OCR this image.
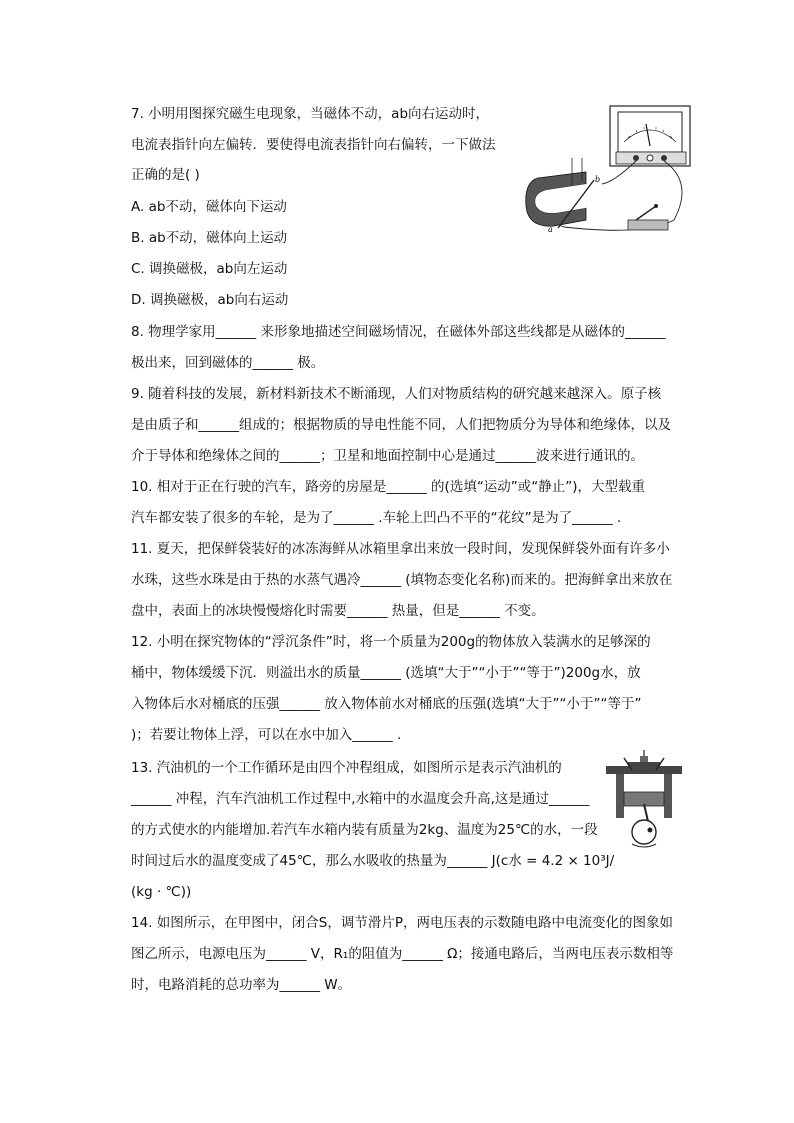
7. 小明用图探究磁生电现象，当磁体不动，ab向右运动时，
电流表指针向左偏转．要使得电流表指针向右偏转，一下做法
正确的是( )
A. ab不动，磁体向下运动
B. ab不动，磁体向上运动
C. 调换磁极，ab向左运动
D. 调换磁极，ab向右运动
b
a
8. 物理学家用______ 来形象地描述空间磁场情况，在磁体外部这些线都是从磁体的______
极出来，回到磁体的______ 极。
9. 随着科技的发展，新材料新技术不断涌现，人们对物质结构的研究越来越深入。原子核
是由质子和______组成的；根据物质的导电性能不同，人们把物质分为导体和绝缘体，以及
介于导体和绝缘体之间的______；卫星和地面控制中心是通过______波来进行通讯的。
10. 相对于正在行驶的汽车，路旁的房屋是______ 的(选填“运动”或“静止”)，大型载重
汽车都安装了很多的车轮，是为了______ .车轮上凹凸不平的“花纹”是为了______ .
11. 夏天，把保鲜袋装好的冰冻海鲜从冰箱里拿出来放一段时间，发现保鲜袋外面有许多小
水珠，这些水珠是由于热的水蒸气遇冷______ (填物态变化名称)而来的。把海鲜拿出来放在
盘中，表面上的冰块慢慢熔化时需要______ 热量，但是______ 不变。
12. 小明在探究物体的“浮沉条件”时，将一个质量为200g的物体放入装满水的足够深的
桶中，物体缓缓下沉．则溢出水的质量______ (选填“大于”“小于”“等于”)200g水，放
入物体后水对桶底的压强______ 放入物体前水对桶底的压强(选填“大于”“小于”“等于”
)；若要让物体上浮，可以在水中加入______ .
13. 汽油机的一个工作循环是由四个冲程组成，如图所示是表示汽油机的
______ 冲程，汽车汽油机工作过程中,水箱中的水温度会升高,这是通过______
的方式使水的内能增加.若汽车水箱内装有质量为2kg、温度为25℃的水，一段
时间过后水的温度变成了45℃，那么水吸收的热量为______ J(c水 = 4.2 × 10³J/
(kg · ℃))
14. 如图所示，在甲图中，闭合S，调节滑片P，两电压表的示数随电路中电流变化的图象如
图乙所示，电源电压为______ V，R₁的阻值为______ Ω；接通电路后，当两电压表示数相等
时，电路消耗的总功率为______ W。
